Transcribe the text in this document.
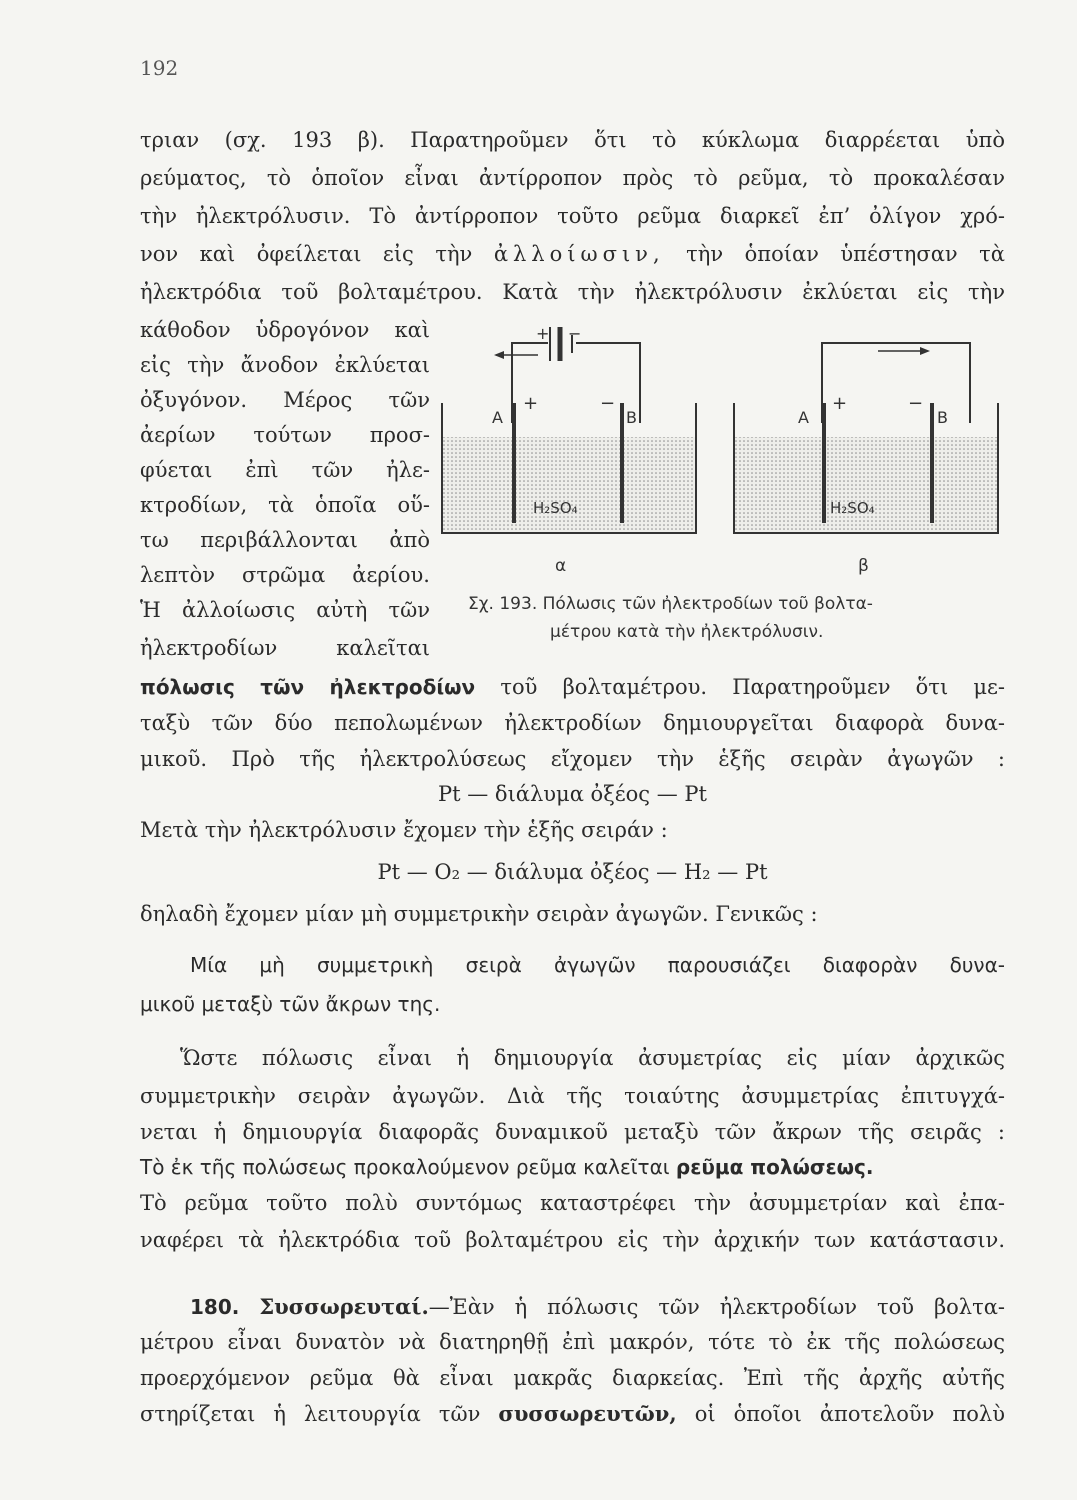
192
τριαν (σχ. 193 β). Παρατηροῦμεν ὅτι τὸ κύκλωμα διαρρέεται ὑπὸ
ρεύματος, τὸ ὁποῖον εἶναι ἀντίρροπον πρὸς τὸ ρεῦμα, τὸ προκαλέσαν
τὴν ἠλεκτρόλυσιν. Τὸ ἀντίρροπον τοῦτο ρεῦμα διαρκεῖ ἐπ’ ὀλίγον χρό-
νον καὶ ὀφείλεται εἰς τὴν ἀλλοίωσιν, τὴν ὁποίαν ὑπέστησαν τὰ
ἠλεκτρόδια τοῦ βολταμέτρου. Κατὰ τὴν ἠλεκτρόλυσιν ἐκλύεται εἰς τὴν
κάθοδον ὑδρογόνον καὶ
εἰς τὴν ἄνοδον ἐκλύεται
ὀξυγόνον. Μέρος τῶν
ἀερίων τούτων προσ-
φύεται ἐπὶ τῶν ἠλε-
κτροδίων, τὰ ὁποῖα οὕ-
τω περιβάλλονται ἀπὸ
λεπτὸν στρῶμα ἀερίου.
Ἡ ἀλλοίωσις αὐτὴ τῶν
ἠλεκτροδίων καλεῖται
+ −
A
+	−
B
H₂SO₄
A
+	−
B
H₂SO₄
α	β
Σχ. 193. Πόλωσις τῶν ἠλεκτροδίων τοῦ βολτα-
μέτρου κατὰ τὴν ἠλεκτρόλυσιν.
πόλωσις τῶν ἠλεκτροδίων τοῦ βολταμέτρου. Παρατηροῦμεν ὅτι με-
ταξὺ τῶν δύο πεπολωμένων ἠλεκτροδίων δημιουργεῖται διαφορὰ δυνα-
μικοῦ. Πρὸ τῆς ἠλεκτρολύσεως εἴχομεν τὴν ἑξῆς σειρὰν ἀγωγῶν :
Pt — διάλυμα ὀξέος — Pt
Μετὰ τὴν ἠλεκτρόλυσιν ἔχομεν τὴν ἑξῆς σειράν :
Pt — O₂ — διάλυμα ὀξέος — H₂ — Pt
δηλαδὴ ἔχομεν μίαν μὴ συμμετρικὴν σειρὰν ἀγωγῶν. Γενικῶς :
Μία μὴ συμμετρικὴ σειρὰ ἀγωγῶν παρουσιάζει διαφορὰν δυνα-
μικοῦ μεταξὺ τῶν ἄκρων της.
Ὥστε πόλωσις εἶναι ἡ δημιουργία ἀσυμετρίας εἰς μίαν ἀρχικῶς
συμμετρικὴν σειρὰν ἀγωγῶν. Διὰ τῆς τοιαύτης ἀσυμμετρίας ἐπιτυγχά-
νεται ἡ δημιουργία διαφορᾶς δυναμικοῦ μεταξὺ τῶν ἄκρων τῆς σειρᾶς :
Τὸ ἐκ τῆς πολώσεως προκαλούμενον ρεῦμα καλεῖται ρεῦμα πολώσεως.
Τὸ ρεῦμα τοῦτο πολὺ συντόμως καταστρέφει τὴν ἀσυμμετρίαν καὶ ἐπα-
ναφέρει τὰ ἠλεκτρόδια τοῦ βολταμέτρου εἰς τὴν ἀρχικήν των κατάστασιν.
180. Συσσωρευταί.—Ἐὰν ἡ πόλωσις τῶν ἠλεκτροδίων τοῦ βολτα-
μέτρου εἶναι δυνατὸν νὰ διατηρηθῇ ἐπὶ μακρόν, τότε τὸ ἐκ τῆς πολώσεως
προερχόμενον ρεῦμα θὰ εἶναι μακρᾶς διαρκείας. Ἐπὶ τῆς ἀρχῆς αὐτῆς
στηρίζεται ἡ λειτουργία τῶν συσσωρευτῶν, οἱ ὁποῖοι ἀποτελοῦν πολὺ
